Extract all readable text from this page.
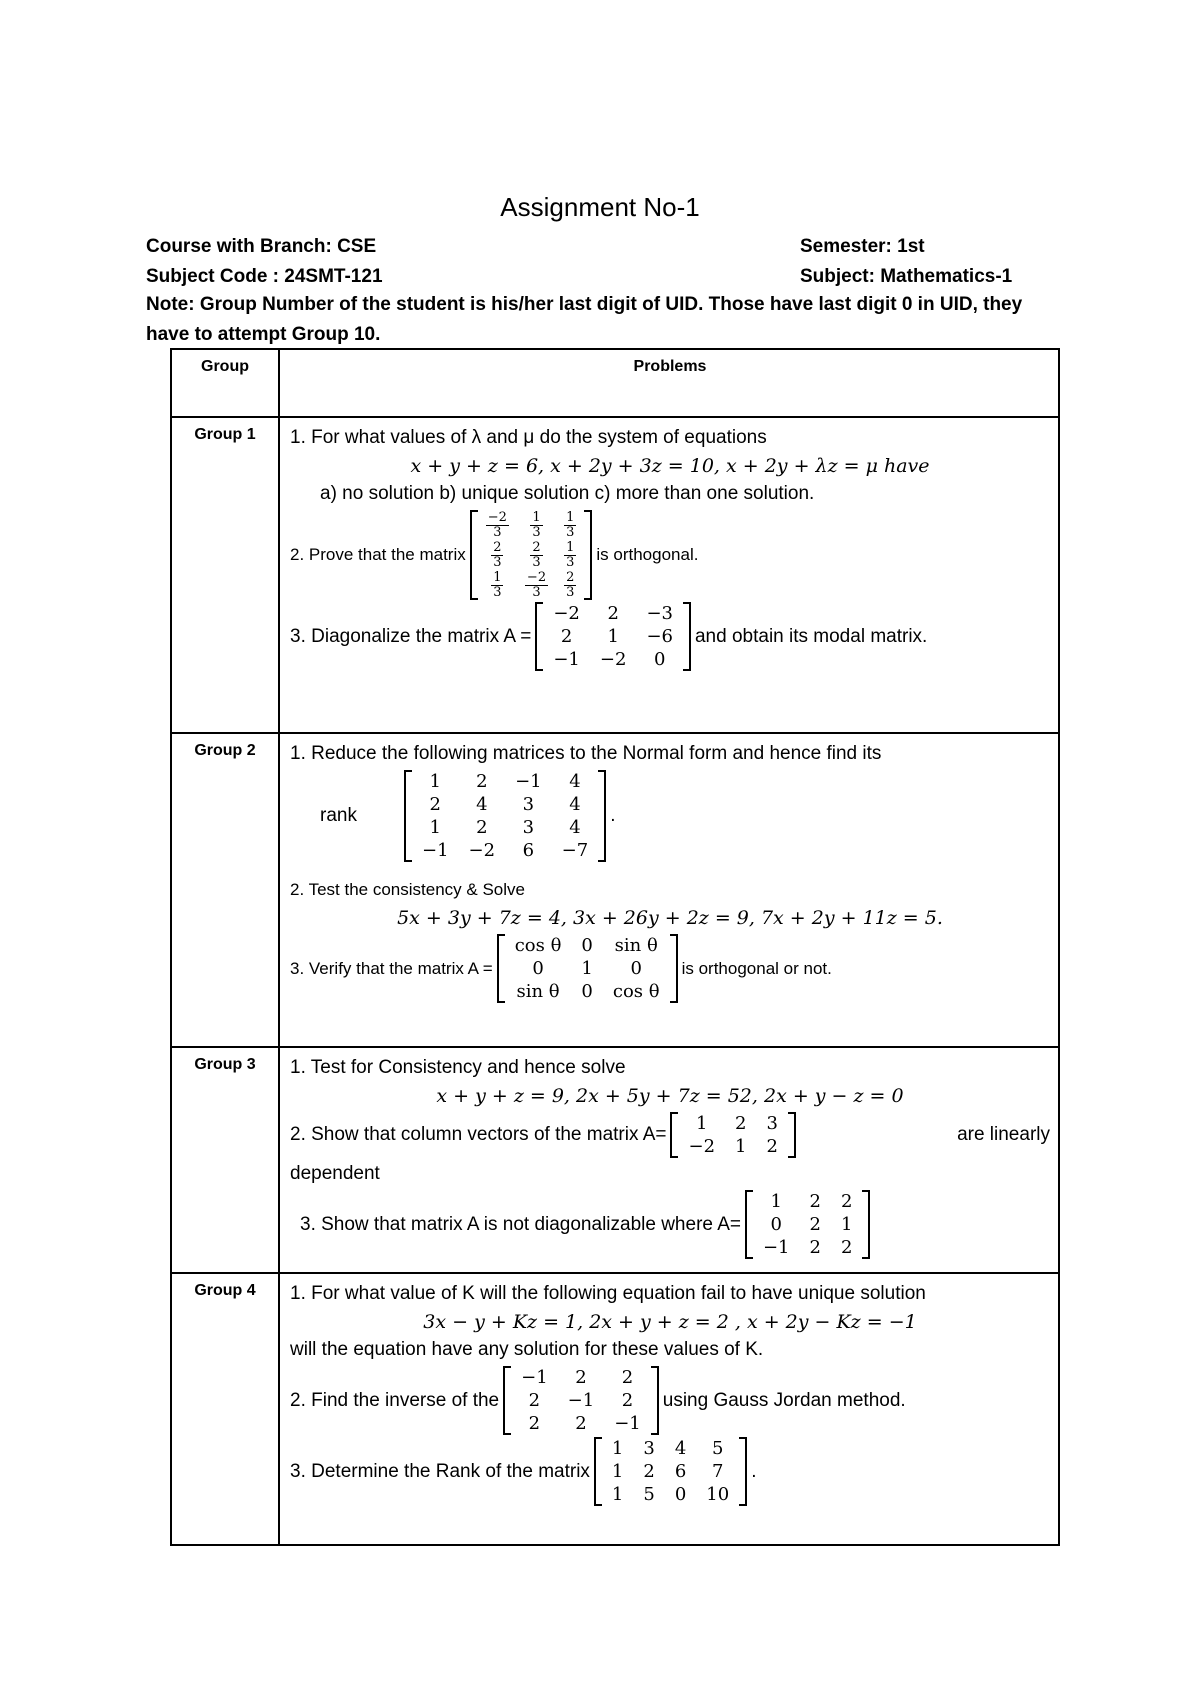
Assignment No-1
Course with Branch: CSE	Semester: 1st
Subject Code : 24SMT-121	Subject: Mathematics-1
Note: Group Number of the student is his/her last digit of UID. Those have last digit 0 in UID, they have to attempt Group 10.
Group	Problems
Group 1	1. For what values of λ and μ do the system of equations
x + y + z = 6, x + 2y + 3z = 10, x + 2y + λz = μ have
a) no solution b) unique solution c) more than one solution.
2. Prove that the matrix
$\frac{-2}{3}$	$\frac{1}{3}$	$\frac{1}{3}$

$\frac{2}{3}$	$\frac{2}{3}$	$\frac{1}{3}$

$\frac{1}{3}$	$\frac{-2}{3}$	$\frac{2}{3}$
is orthogonal.
3. Diagonalize the matrix A =
−2	2	−3
2	1	−6
−1	−2	0
and obtain its modal matrix.

Group 2	1. Reduce the following matrices to the Normal form and hence find its
rank
1	2	−1	4
2	4	3	4
1	2	3	4
−1	−2	6	−7
.
2. Test the consistency & Solve
5x + 3y + 7z = 4, 3x + 26y + 2z = 9, 7x + 2y + 11z = 5.
3. Verify that the matrix A =
cos θ	0	sin θ
0	1	0
sin θ	0	cos θ
is orthogonal or not.

Group 3	1. Test for Consistency and hence solve
x + y + z = 9, 2x + 5y + 7z = 52, 2x + y − z = 0
2. Show that column vectors of the matrix A=
1	2	3
−2	1	2
are linearly
dependent
3. Show that matrix A is not diagonalizable where A=
1	2	2
0	2	1
−1	2	2

Group 4	1. For what value of K will the following equation fail to have unique solution
3x − y + Kz = 1, 2x + y + z = 2 , x + 2y − Kz = −1
will the equation have any solution for these values of K.
2. Find the inverse of the
−1	2	2
2	−1	2
2	2	−1
using Gauss Jordan method.
3. Determine the Rank of the matrix
1	3	4	5
1	2	6	7
1	5	0	10
.
